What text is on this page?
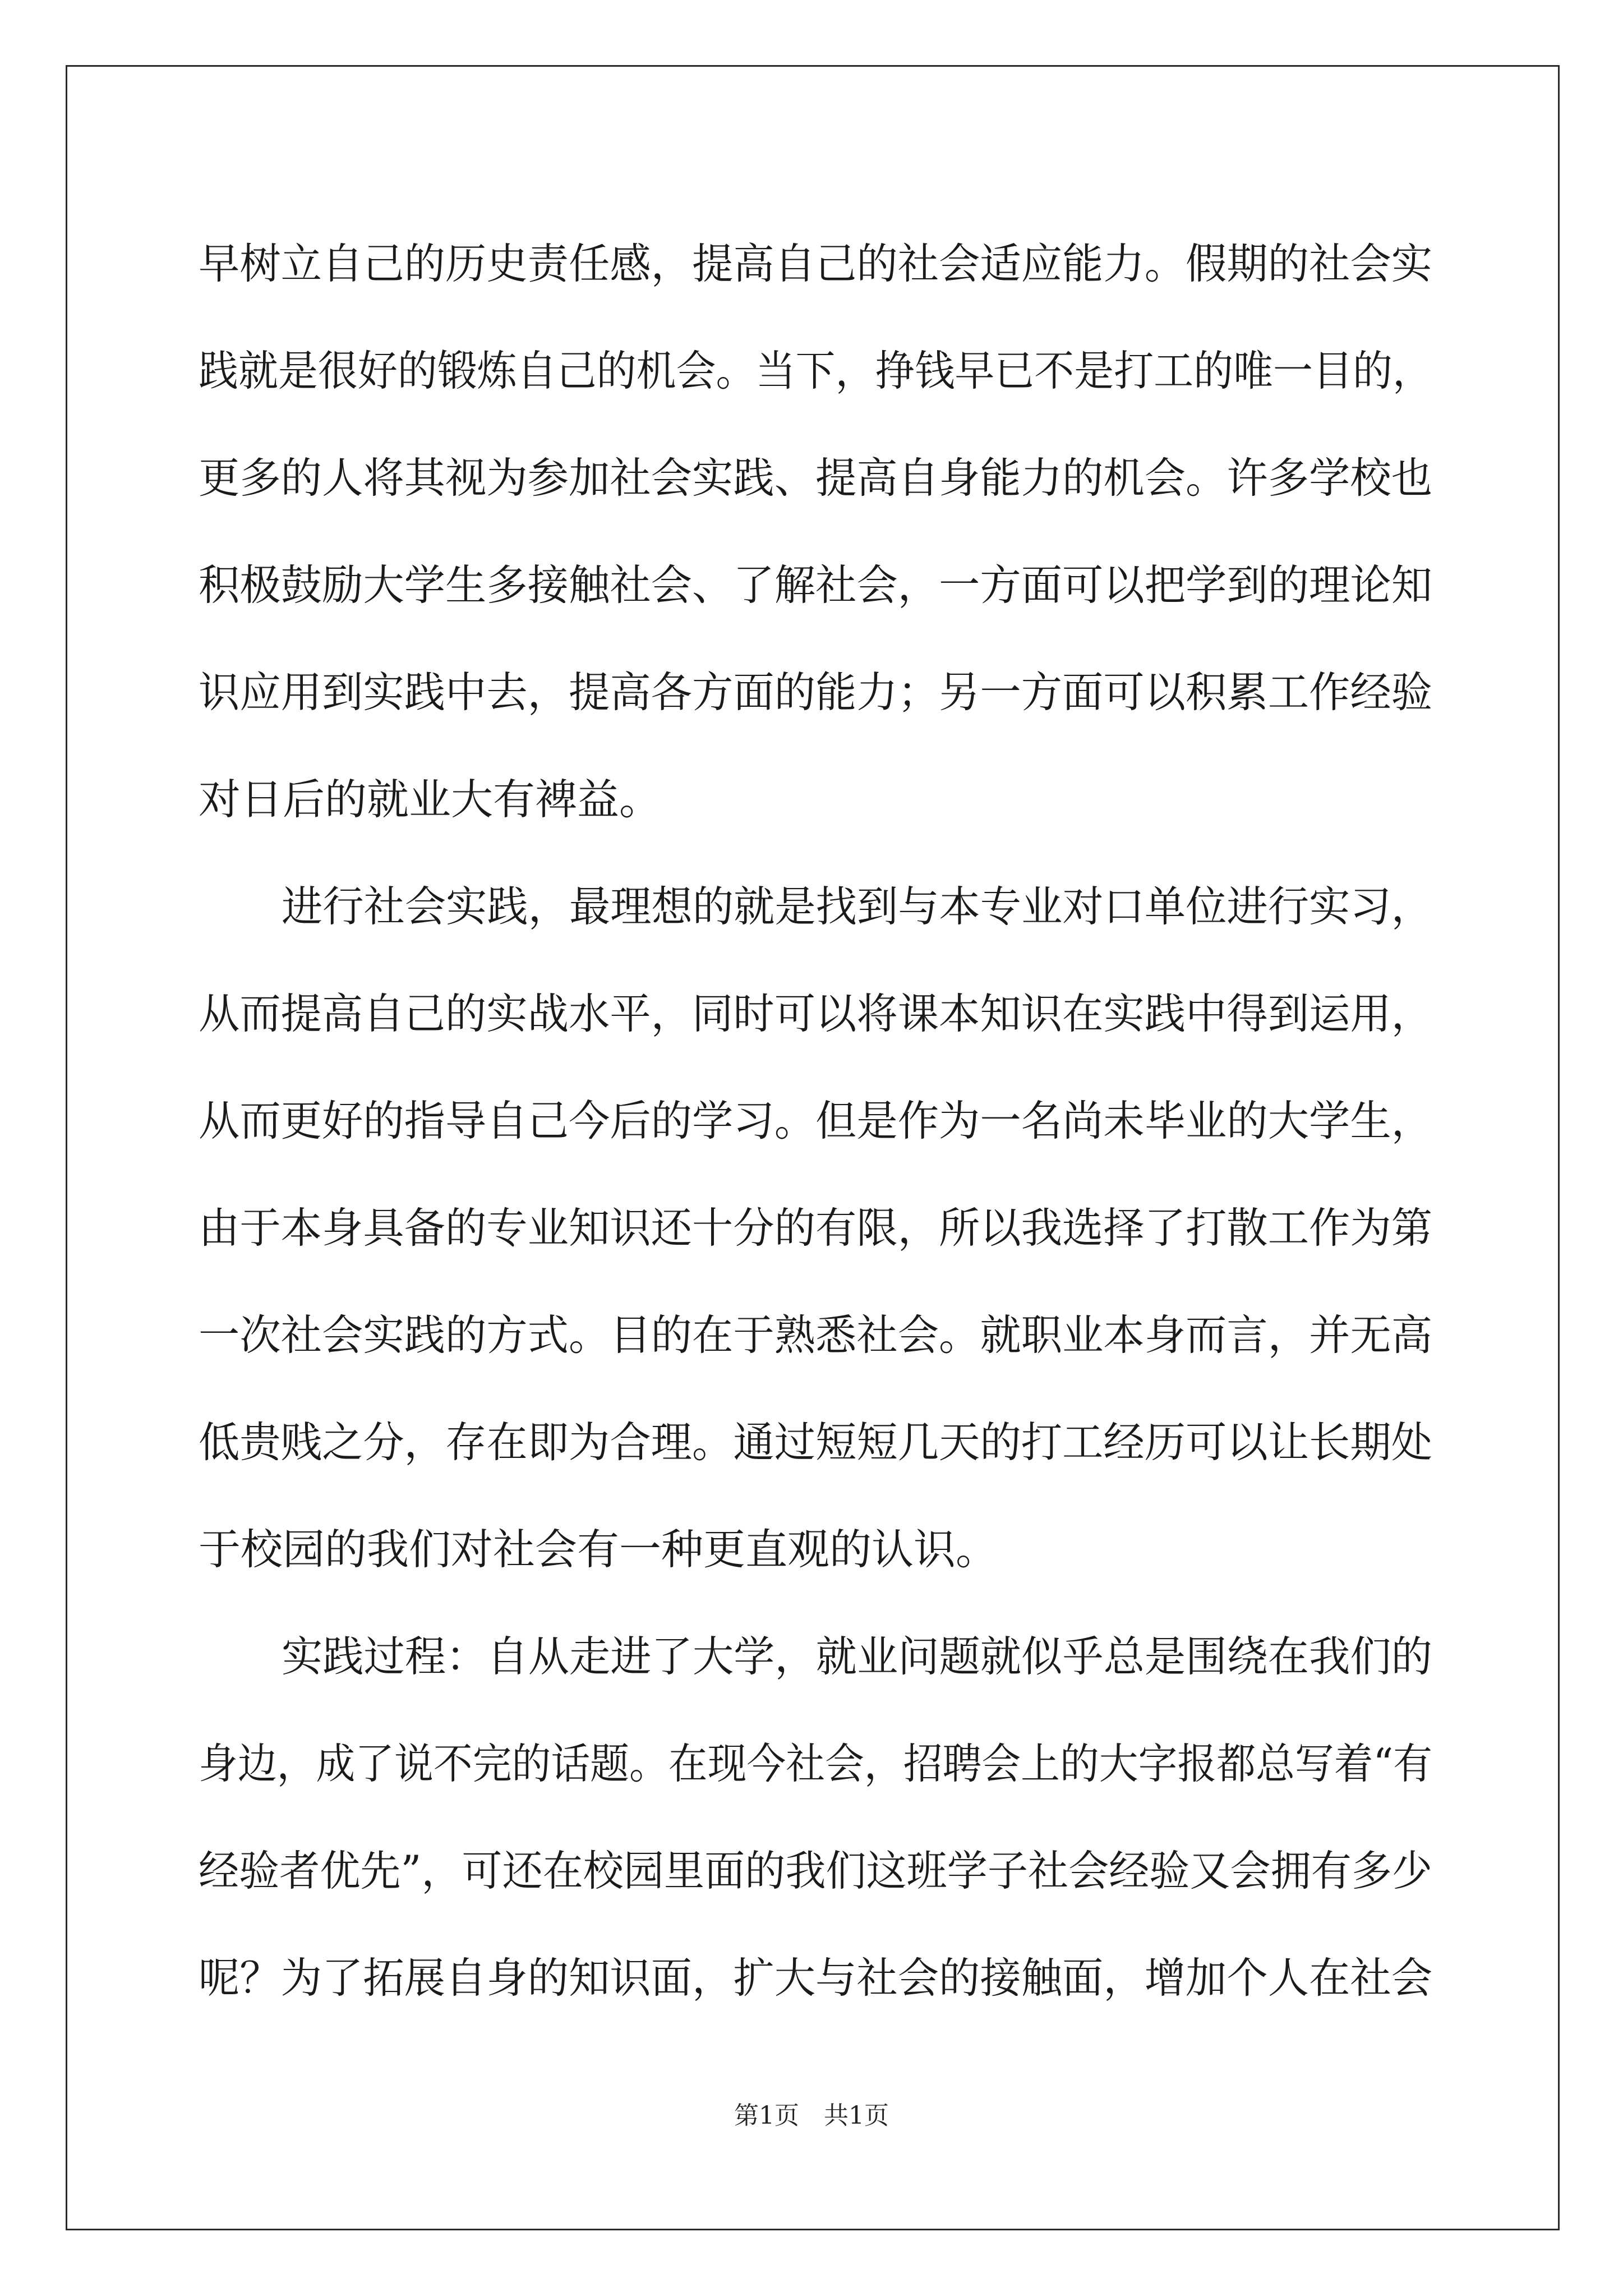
早树立自己的历史责任感，提高自己的社会适应能力。假期的社会实
践就是很好的锻炼自己的机会。当下，挣钱早已不是打工的唯一目的，
更多的人将其视为参加社会实践、提高自身能力的机会。许多学校也
积极鼓励大学生多接触社会、了解社会，一方面可以把学到的理论知
识应用到实践中去，提高各方面的能力；另一方面可以积累工作经验
对日后的就业大有裨益。
进行社会实践，最理想的就是找到与本专业对口单位进行实习，
从而提高自己的实战水平，同时可以将课本知识在实践中得到运用，
从而更好的指导自己今后的学习。但是作为一名尚未毕业的大学生，
由于本身具备的专业知识还十分的有限，所以我选择了打散工作为第
一次社会实践的方式。目的在于熟悉社会。就职业本身而言，并无高
低贵贱之分，存在即为合理。通过短短几天的打工经历可以让长期处
于校园的我们对社会有一种更直观的认识。
实践过程：自从走进了大学，就业问题就似乎总是围绕在我们的
身边，成了说不完的话题。在现今社会，招聘会上的大字报都总写着“有
经验者优先”，可还在校园里面的我们这班学子社会经验又会拥有多少
呢？为了拓展自身的知识面，扩大与社会的接触面，增加个人在社会
第1页 共1页
